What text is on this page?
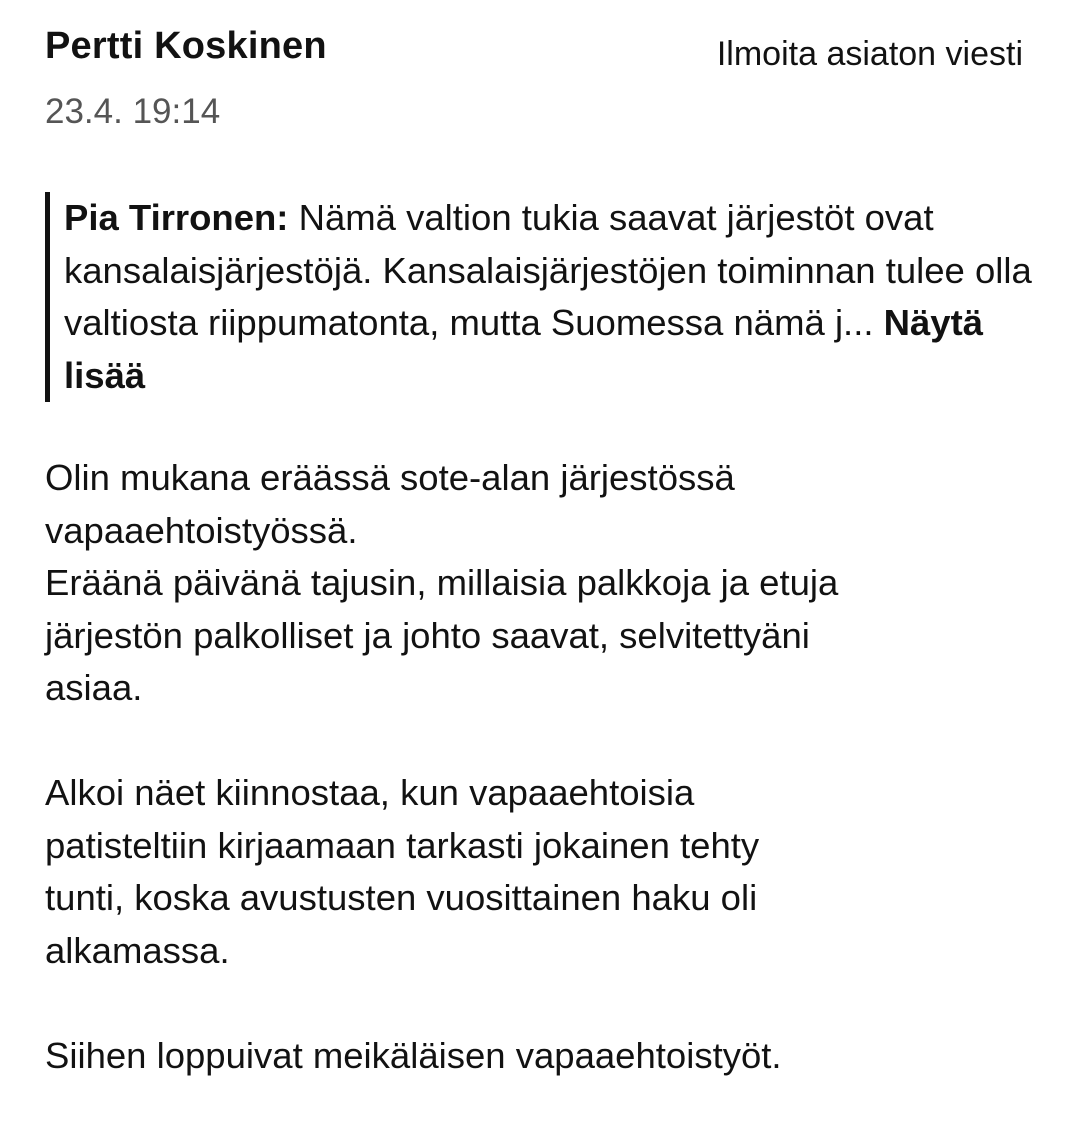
Pertti Koskinen	Ilmoita asiaton viesti
23.4. 19:14
Pia Tirronen: Nämä valtion tukia saavat järjestöt ovat kansalaisjärjestöjä. Kansalaisjärjestöjen toiminnan tulee olla valtiosta riippumatonta, mutta Suomessa nämä j... Näytä lisää
Olin mukana eräässä sote-alan järjestössä
vapaaehtoistyössä.
Eräänä päivänä tajusin, millaisia palkkoja ja etuja
järjestön palkolliset ja johto saavat, selvitettyäni
asiaa.
Alkoi näet kiinnostaa, kun vapaaehtoisia
patisteltiin kirjaamaan tarkasti jokainen tehty
tunti, koska avustusten vuosittainen haku oli
alkamassa.
Siihen loppuivat meikäläisen vapaaehtoistyöt.
